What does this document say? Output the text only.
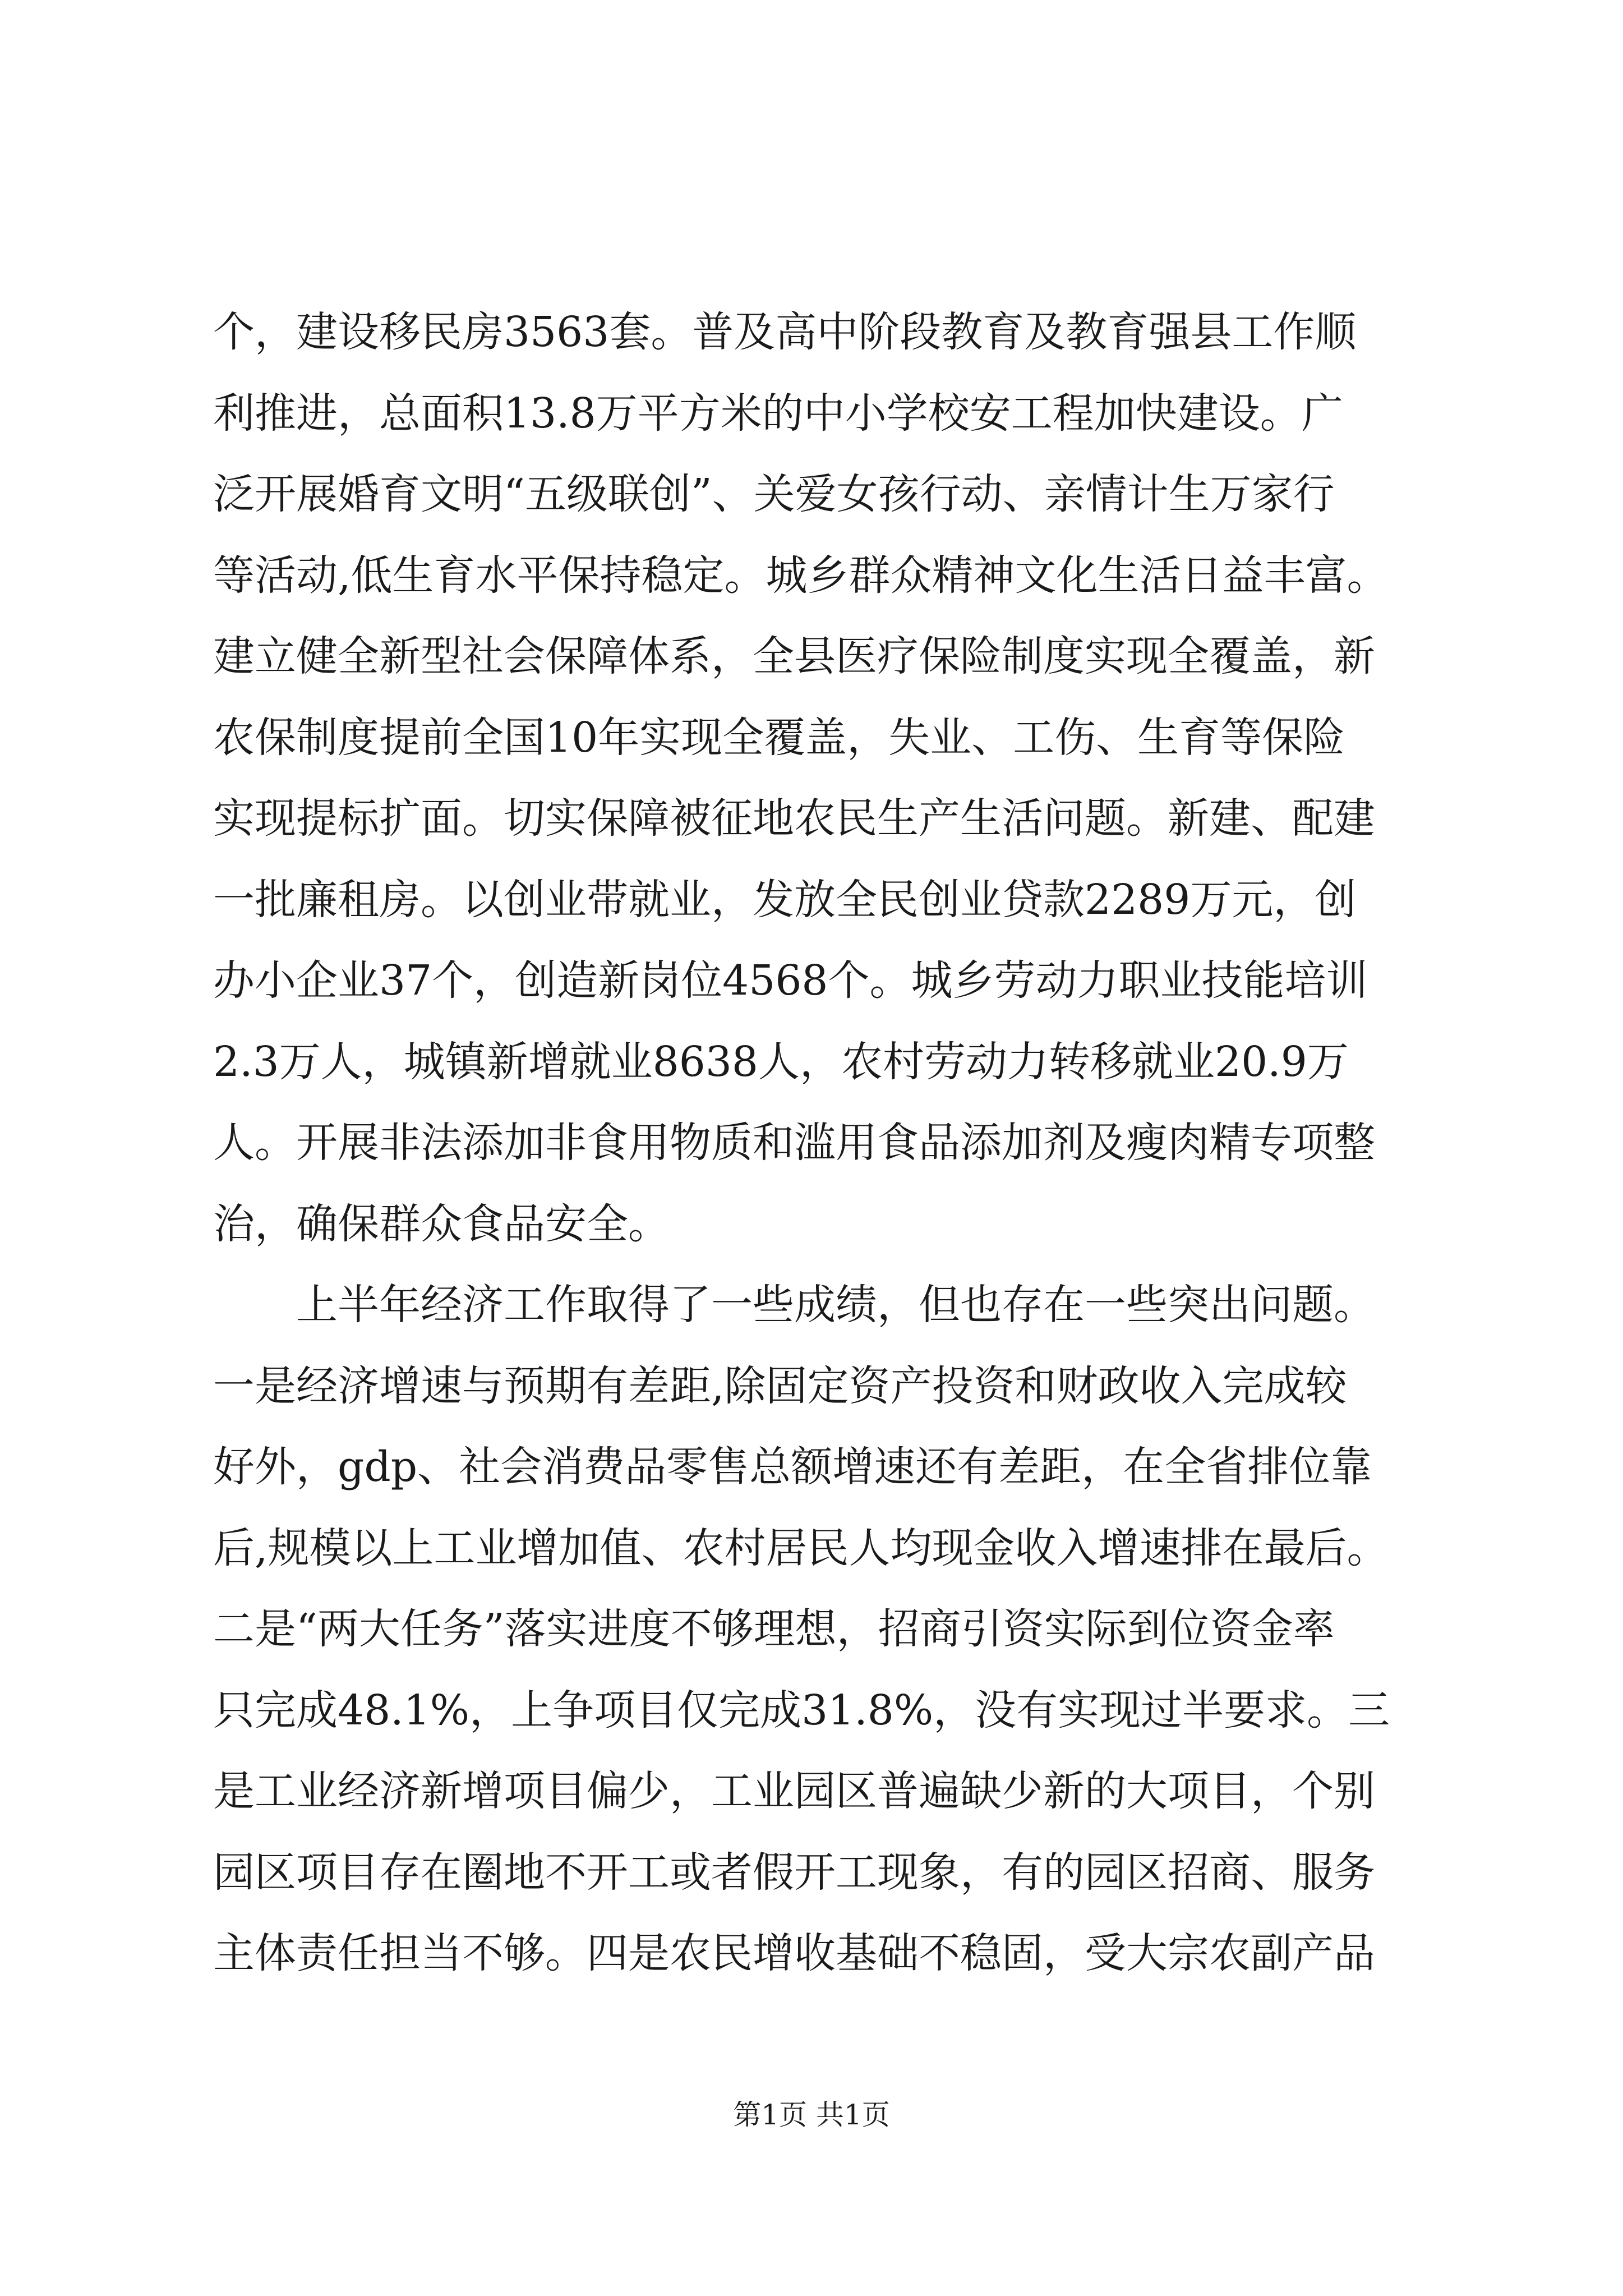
个，建设移民房3563套。普及高中阶段教育及教育强县工作顺
利推进，总面积13.8万平方米的中小学校安工程加快建设。广
泛开展婚育文明“五级联创”、关爱女孩行动、亲情计生万家行
等活动,低生育水平保持稳定。城乡群众精神文化生活日益丰富。
建立健全新型社会保障体系，全县医疗保险制度实现全覆盖，新
农保制度提前全国10年实现全覆盖，失业、工伤、生育等保险
实现提标扩面。切实保障被征地农民生产生活问题。新建、配建
一批廉租房。以创业带就业，发放全民创业贷款2289万元，创
办小企业37个，创造新岗位4568个。城乡劳动力职业技能培训
2.3万人，城镇新增就业8638人，农村劳动力转移就业20.9万
人。开展非法添加非食用物质和滥用食品添加剂及瘦肉精专项整
治，确保群众食品安全。
　　上半年经济工作取得了一些成绩，但也存在一些突出问题。
一是经济增速与预期有差距,除固定资产投资和财政收入完成较
好外，gdp、社会消费品零售总额增速还有差距，在全省排位靠
后,规模以上工业增加值、农村居民人均现金收入增速排在最后。
二是“两大任务”落实进度不够理想，招商引资实际到位资金率
只完成48.1%，上争项目仅完成31.8%，没有实现过半要求。三
是工业经济新增项目偏少，工业园区普遍缺少新的大项目，个别
园区项目存在圈地不开工或者假开工现象，有的园区招商、服务
主体责任担当不够。四是农民增收基础不稳固，受大宗农副产品
第1页 共1页
